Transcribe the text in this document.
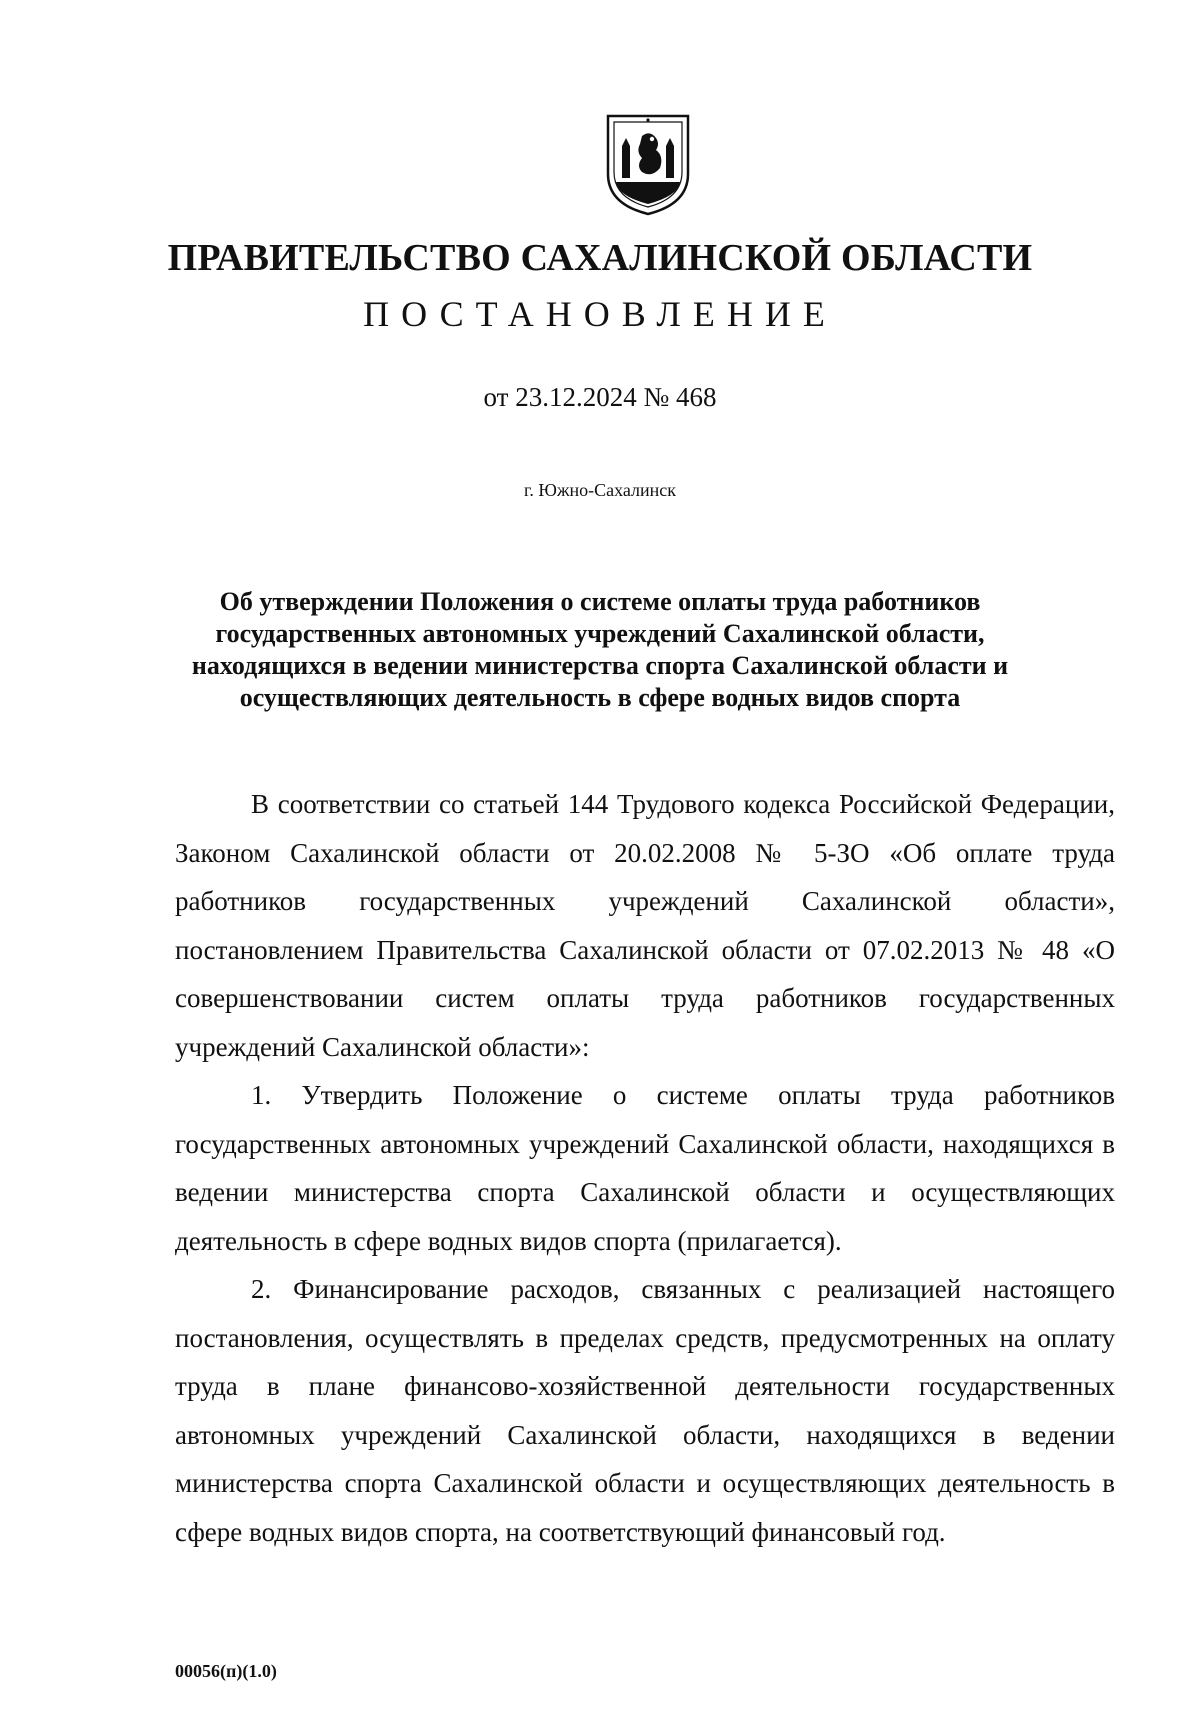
ПРАВИТЕЛЬСТВО САХАЛИНСКОЙ ОБЛАСТИ
ПОСТАНОВЛЕНИЕ
от 23.12.2024 № 468
г. Южно-Сахалинск
Об утверждении Положения о системе оплаты труда работников государственных автономных учреждений Сахалинской области, находящихся в ведении министерства спорта Сахалинской области и осуществляющих деятельность в сфере водных видов спорта

В соответствии со статьей 144 Трудового кодекса Российской Федерации, Законом Сахалинской области от 20.02.2008 № 5-ЗО «Об оплате труда работников государственных учреждений Сахалинской области», постановлением Правительства Сахалинской области от 07.02.2013 № 48 «О совершенствовании систем оплаты труда работников государственных учреждений Сахалинской области»:

1. Утвердить Положение о системе оплаты труда работников государственных автономных учреждений Сахалинской области, находящихся в ведении министерства спорта Сахалинской области и осуществляющих деятельность в сфере водных видов спорта (прилагается).

2. Финансирование расходов, связанных с реализацией настоящего постановления, осуществлять в пределах средств, предусмотренных на оплату труда в плане финансово-хозяйственной деятельности государственных автономных учреждений Сахалинской области, находящихся в ведении министерства спорта Сахалинской области и осуществляющих деятельность в сфере водных видов спорта, на соответствующий финансовый год.

00056(п)(1.0)
